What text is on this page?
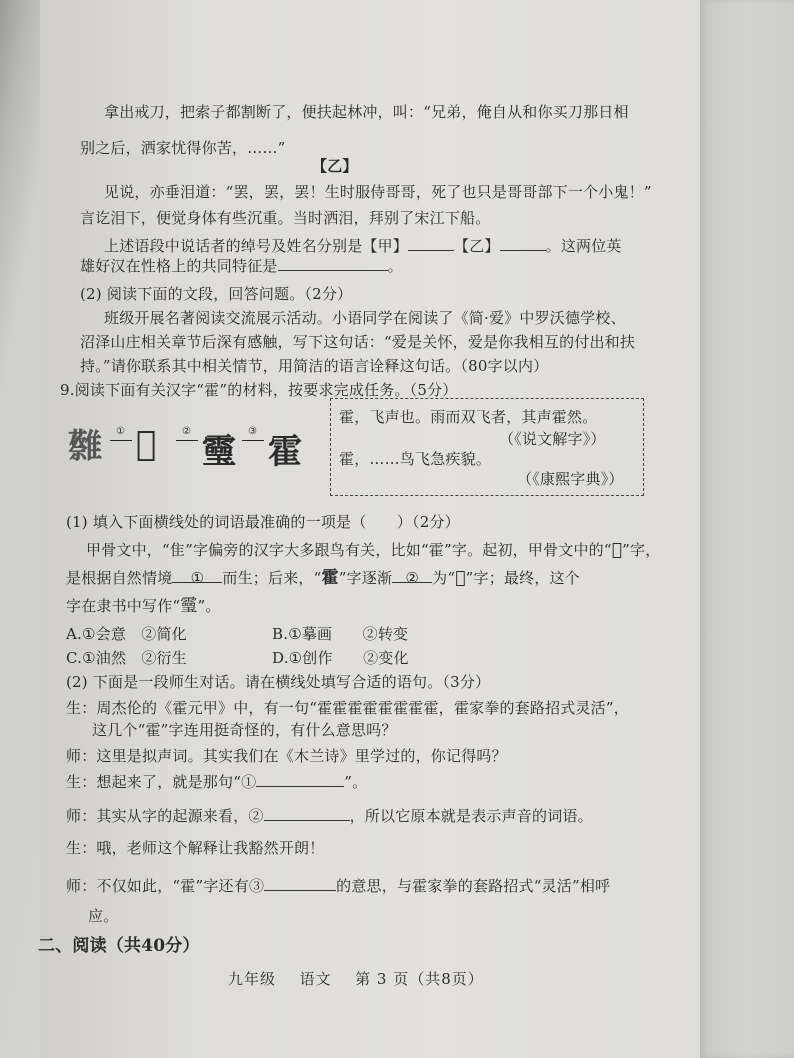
拿出戒刀，把索子都割断了，便扶起林冲，叫：“兄弟，俺自从和你买刀那日相
别之后，洒家忧得你苦，……”
【乙】
见说，亦垂泪道：“罢，罢，罢！生时服侍哥哥，死了也只是哥哥部下一个小鬼！”
言讫泪下，便觉身体有些沉重。当时洒泪，拜别了宋江下船。
上述语段中说话者的绰号及姓名分别是【甲】	【乙】	。这两位英
雄好汉在性格上的共同特征是	。
(2) 阅读下面的文段，回答问题。（2分）
班级开展名著阅读交流展示活动。小语同学在阅读了《简·爱》中罗沃德学校、
沼泽山庄相关章节后深有感触，写下这句话：“爱是关怀，爱是你我相互的付出和扶
持。”请你联系其中相关情节，用简洁的语言诠释这句话。（80字以内）
9.阅读下面有关汉字“霍”的材料，按要求完成任务。（5分）
𩁞 ① 𩆌	②
𩆜
③
霍
霍，飞声也。雨而双飞者，其声霍然。
（《说文解字》）
霍，……鸟飞急疾貌。
（《康熙字典》）
(1) 填入下面横线处的词语最准确的一项是（　　）（2分）
甲骨文中，“隹”字偏旁的汉字大多跟鸟有关，比如“霍”字。起初，甲骨文中的“𩆌”字，
是根据自然情境 ① 而生；后来，“霍”字逐渐 ② 为“𩆌”字；最终，这个
字在隶书中写作“𩆜”。
A.①会意　②简化	B.①摹画　　②转变
C.①油然　②衍生	D.①创作　　②变化
(2) 下面是一段师生对话。请在横线处填写合适的语句。（3分）
生：周杰伦的《霍元甲》中，有一句“霍霍霍霍霍霍霍霍，霍家拳的套路招式灵活”，
这几个“霍”字连用挺奇怪的，有什么意思吗？
师：这里是拟声词。其实我们在《木兰诗》里学过的，你记得吗？
生：想起来了，就是那句“①	”。
师：其实从字的起源来看，②	，所以它原本就是表示声音的词语。
生：哦，老师这个解释让我豁然开朗！
师：不仅如此，“霍”字还有③	的意思，与霍家拳的套路招式“灵活”相呼
应。
二、阅读（共40分）
九年级 语文 第 3 页（共8页）
